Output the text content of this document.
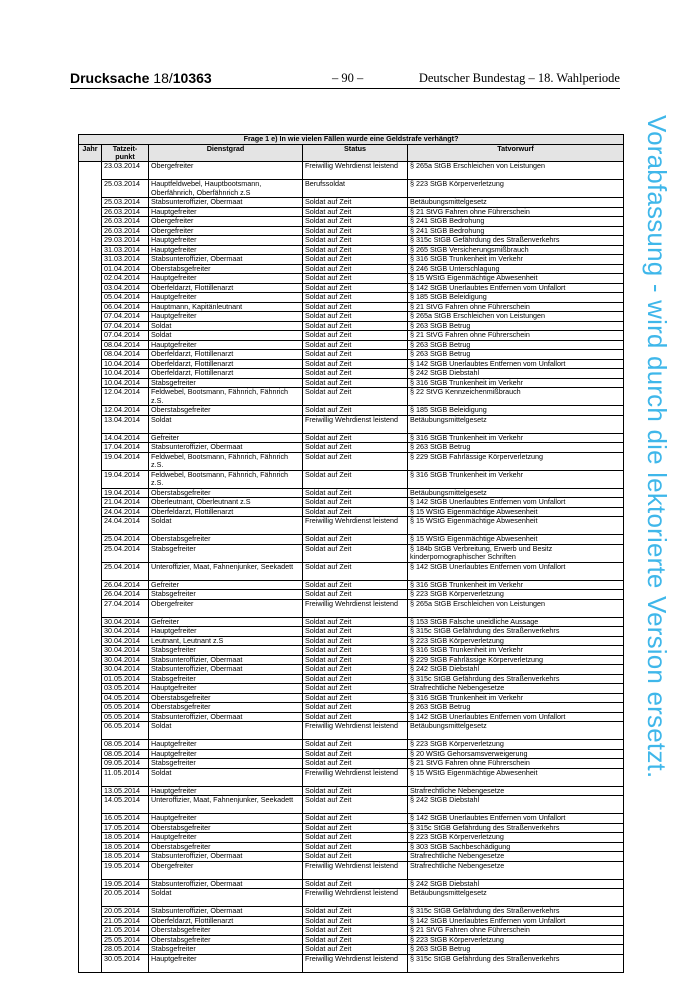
Drucksache 18/10363	– 90 –	Deutscher Bundestag – 18. Wahlperiode
Vorabfassung - wird durch die lektorierte Version ersetzt.
Frage 1 e) In wie vielen Fällen wurde eine Geldstrafe verhängt?				
Jahr	Tatzeit-punkt	Dienstgrad	Status	Tatvorwurf
	23.03.2014	Obergefreiter	Freiwillig Wehrdienst leistend	§ 265a StGB Erschleichen von Leistungen
	25.03.2014	Hauptfeldwebel, Hauptbootsmann, Oberfähnrich, Oberfähnrich z.S	Berufssoldat	§ 223 StGB Körperverletzung
	25.03.2014	Stabsunteroffizier, Obermaat	Soldat auf Zeit	Betäubungsmittelgesetz
	26.03.2014	Hauptgefreiter	Soldat auf Zeit	§ 21 StVG Fahren ohne Führerschein
	26.03.2014	Obergefreiter	Soldat auf Zeit	§ 241 StGB Bedrohung
	26.03.2014	Obergefreiter	Soldat auf Zeit	§ 241 StGB Bedrohung
	29.03.2014	Hauptgefreiter	Soldat auf Zeit	§ 315c StGB Gefährdung des Straßenverkehrs
	31.03.2014	Hauptgefreiter	Soldat auf Zeit	§ 265 StGB Versicherungsmißbrauch
	31.03.2014	Stabsunteroffizier, Obermaat	Soldat auf Zeit	§ 316 StGB Trunkenheit im Verkehr
	01.04.2014	Oberstabsgefreiter	Soldat auf Zeit	§ 246 StGB Unterschlagung
	02.04.2014	Hauptgefreiter	Soldat auf Zeit	§ 15 WStG Eigenmächtige Abwesenheit
	03.04.2014	Oberfeldarzt, Flottillenarzt	Soldat auf Zeit	§ 142 StGB Unerlaubtes Entfernen vom Unfallort
	05.04.2014	Hauptgefreiter	Soldat auf Zeit	§ 185 StGB Beleidigung
	06.04.2014	Hauptmann, Kapitänleutnant	Soldat auf Zeit	§ 21 StVG Fahren ohne Führerschein
	07.04.2014	Hauptgefreiter	Soldat auf Zeit	§ 265a StGB Erschleichen von Leistungen
	07.04.2014	Soldat	Soldat auf Zeit	§ 263 StGB Betrug
	07.04.2014	Soldat	Soldat auf Zeit	§ 21 StVG Fahren ohne Führerschein
	08.04.2014	Hauptgefreiter	Soldat auf Zeit	§ 263 StGB Betrug
	08.04.2014	Oberfeldarzt, Flottillenarzt	Soldat auf Zeit	§ 263 StGB Betrug
	10.04.2014	Oberfeldarzt, Flottillenarzt	Soldat auf Zeit	§ 142 StGB Unerlaubtes Entfernen vom Unfallort
	10.04.2014	Oberfeldarzt, Flottillenarzt	Soldat auf Zeit	§ 242 StGB Diebstahl
	10.04.2014	Stabsgefreiter	Soldat auf Zeit	§ 316 StGB Trunkenheit im Verkehr
	12.04.2014	Feldwebel, Bootsmann, Fähnrich, Fähnrich z.S.	Soldat auf Zeit	§ 22 StVG Kennzeichenmißbrauch
	12.04.2014	Oberstabsgefreiter	Soldat auf Zeit	§ 185 StGB Beleidigung
	13.04.2014	Soldat	Freiwillig Wehrdienst leistend	Betäubungsmittelgesetz
	14.04.2014	Gefreiter	Soldat auf Zeit	§ 316 StGB Trunkenheit im Verkehr
	17.04.2014	Stabsunteroffizier, Obermaat	Soldat auf Zeit	§ 263 StGB Betrug
	19.04.2014	Feldwebel, Bootsmann, Fähnrich, Fähnrich z.S.	Soldat auf Zeit	§ 229 StGB Fahrlässige Körperverletzung
	19.04.2014	Feldwebel, Bootsmann, Fähnrich, Fähnrich z.S.	Soldat auf Zeit	§ 316 StGB Trunkenheit im Verkehr
	19.04.2014	Oberstabsgefreiter	Soldat auf Zeit	Betäubungsmittelgesetz
	21.04.2014	Oberleutnant, Oberleutnant z.S	Soldat auf Zeit	§ 142 StGB Unerlaubtes Entfernen vom Unfallort
	24.04.2014	Oberfeldarzt, Flottillenarzt	Soldat auf Zeit	§ 15 WStG Eigenmächtige Abwesenheit
	24.04.2014	Soldat	Freiwillig Wehrdienst leistend	§ 15 WStG Eigenmächtige Abwesenheit
	25.04.2014	Oberstabsgefreiter	Soldat auf Zeit	§ 15 WStG Eigenmächtige Abwesenheit
	25.04.2014	Stabsgefreiter	Soldat auf Zeit	§ 184b StGB Verbreitung, Erwerb und Besitz kinderpornographischer Schriften
	25.04.2014	Unteroffizier, Maat, Fahnenjunker, Seekadett	Soldat auf Zeit	§ 142 StGB Unerlaubtes Entfernen vom Unfallort
	26.04.2014	Gefreiter	Soldat auf Zeit	§ 316 StGB Trunkenheit im Verkehr
	26.04.2014	Stabsgefreiter	Soldat auf Zeit	§ 223 StGB Körperverletzung
	27.04.2014	Obergefreiter	Freiwillig Wehrdienst leistend	§ 265a StGB Erschleichen von Leistungen
	30.04.2014	Gefreiter	Soldat auf Zeit	§ 153 StGB Falsche uneidliche Aussage
	30.04.2014	Hauptgefreiter	Soldat auf Zeit	§ 315c StGB Gefährdung des Straßenverkehrs
	30.04.2014	Leutnant, Leutnant z.S	Soldat auf Zeit	§ 223 StGB Körperverletzung
	30.04.2014	Stabsgefreiter	Soldat auf Zeit	§ 316 StGB Trunkenheit im Verkehr
	30.04.2014	Stabsunteroffizier, Obermaat	Soldat auf Zeit	§ 229 StGB Fahrlässige Körperverletzung
	30.04.2014	Stabsunteroffizier, Obermaat	Soldat auf Zeit	§ 242 StGB Diebstahl
	01.05.2014	Stabsgefreiter	Soldat auf Zeit	§ 315c StGB Gefährdung des Straßenverkehrs
	03.05.2014	Hauptgefreiter	Soldat auf Zeit	Strafrechtliche Nebengesetze
	04.05.2014	Oberstabsgefreiter	Soldat auf Zeit	§ 316 StGB Trunkenheit im Verkehr
	05.05.2014	Oberstabsgefreiter	Soldat auf Zeit	§ 263 StGB Betrug
	05.05.2014	Stabsunteroffizier, Obermaat	Soldat auf Zeit	§ 142 StGB Unerlaubtes Entfernen vom Unfallort
	06.05.2014	Soldat	Freiwillig Wehrdienst leistend	Betäubungsmittelgesetz
	08.05.2014	Hauptgefreiter	Soldat auf Zeit	§ 223 StGB Körperverletzung
	08.05.2014	Hauptgefreiter	Soldat auf Zeit	§ 20 WStG Gehorsamsverweigerung
	09.05.2014	Stabsgefreiter	Soldat auf Zeit	§ 21 StVG Fahren ohne Führerschein
	11.05.2014	Soldat	Freiwillig Wehrdienst leistend	§ 15 WStG Eigenmächtige Abwesenheit
	13.05.2014	Hauptgefreiter	Soldat auf Zeit	Strafrechtliche Nebengesetze
	14.05.2014	Unteroffizier, Maat, Fahnenjunker, Seekadett	Soldat auf Zeit	§ 242 StGB Diebstahl
	16.05.2014	Hauptgefreiter	Soldat auf Zeit	§ 142 StGB Unerlaubtes Entfernen vom Unfallort
	17.05.2014	Oberstabsgefreiter	Soldat auf Zeit	§ 315c StGB Gefährdung des Straßenverkehrs
	18.05.2014	Hauptgefreiter	Soldat auf Zeit	§ 223 StGB Körperverletzung
	18.05.2014	Oberstabsgefreiter	Soldat auf Zeit	§ 303 StGB Sachbeschädigung
	18.05.2014	Stabsunteroffizier, Obermaat	Soldat auf Zeit	Strafrechtliche Nebengesetze
	19.05.2014	Obergefreiter	Freiwillig Wehrdienst leistend	Strafrechtliche Nebengesetze
	19.05.2014	Stabsunteroffizier, Obermaat	Soldat auf Zeit	§ 242 StGB Diebstahl
	20.05.2014	Soldat	Freiwillig Wehrdienst leistend	Betäubungsmittelgesetz
	20.05.2014	Stabsunteroffizier, Obermaat	Soldat auf Zeit	§ 315c StGB Gefährdung des Straßenverkehrs
	21.05.2014	Oberfeldarzt, Flottillenarzt	Soldat auf Zeit	§ 142 StGB Unerlaubtes Entfernen vom Unfallort
	21.05.2014	Oberstabsgefreiter	Soldat auf Zeit	§ 21 StVG Fahren ohne Führerschein
	25.05.2014	Oberstabsgefreiter	Soldat auf Zeit	§ 223 StGB Körperverletzung
	28.05.2014	Stabsgefreiter	Soldat auf Zeit	§ 263 StGB Betrug
	30.05.2014	Hauptgefreiter	Freiwillig Wehrdienst leistend	§ 315c StGB Gefährdung des Straßenverkehrs
